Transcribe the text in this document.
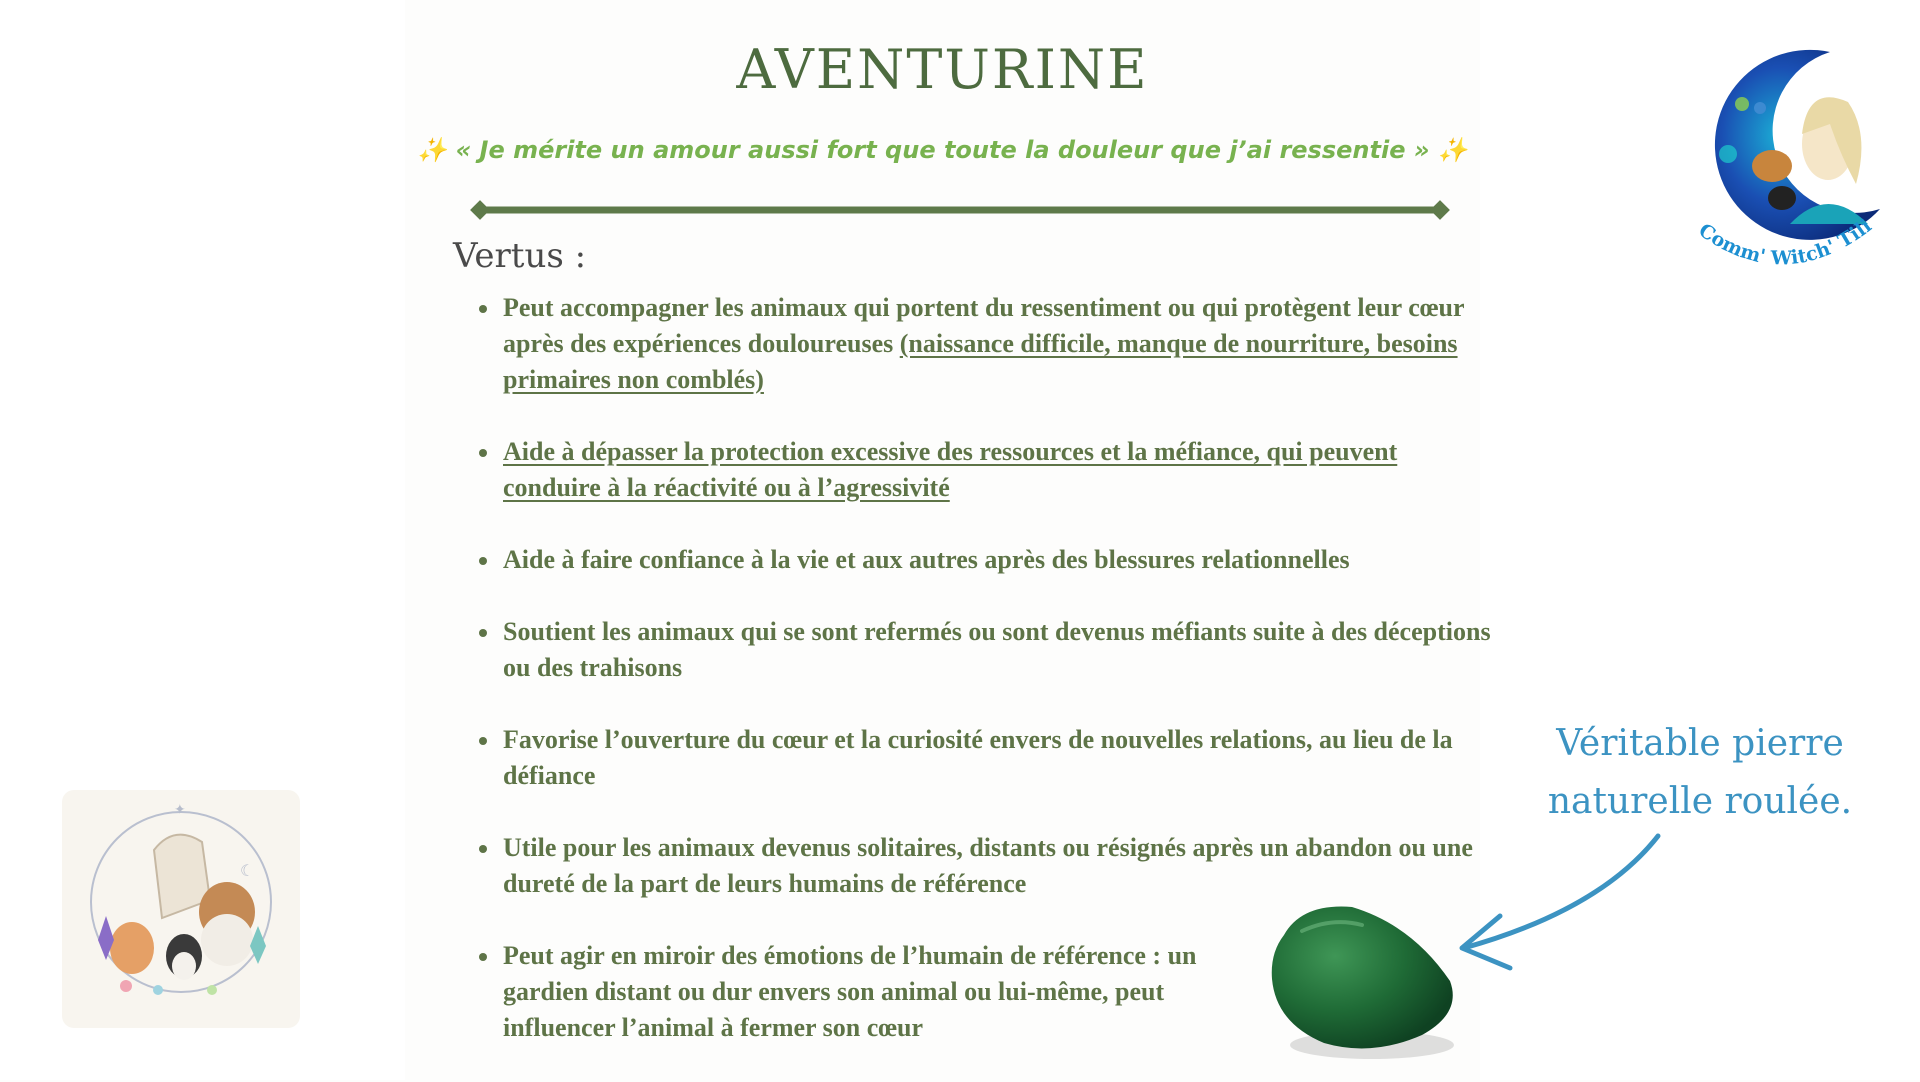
AVENTURINE
✨ « Je mérite un amour aussi fort que toute la douleur que j’ai ressentie » ✨
Vertus :
• Peut accompagner les animaux qui portent du ressentiment ou qui protègent leur cœur après des expériences douloureuses (naissance difficile, manque de nourriture, besoins primaires non comblés)
• Aide à dépasser la protection excessive des ressources et la méfiance, qui peuvent conduire à la réactivité ou à l’agressivité
• Aide à faire confiance à la vie et aux autres après des blessures relationnelles
• Soutient les animaux qui se sont refermés ou sont devenus méfiants suite à des déceptions ou des trahisons
• Favorise l’ouverture du cœur et la curiosité envers de nouvelles relations, au lieu de la défiance
• Utile pour les animaux devenus solitaires, distants ou résignés après un abandon ou une dureté de la part de leurs humains de référence
• Peut agir en miroir des émotions de l’humain de référence : un gardien distant ou dur envers son animal ou lui-même, peut influencer l’animal à fermer son cœur
Comm' Witch' Tili
☾
✦
Véritable pierre naturelle roulée.
